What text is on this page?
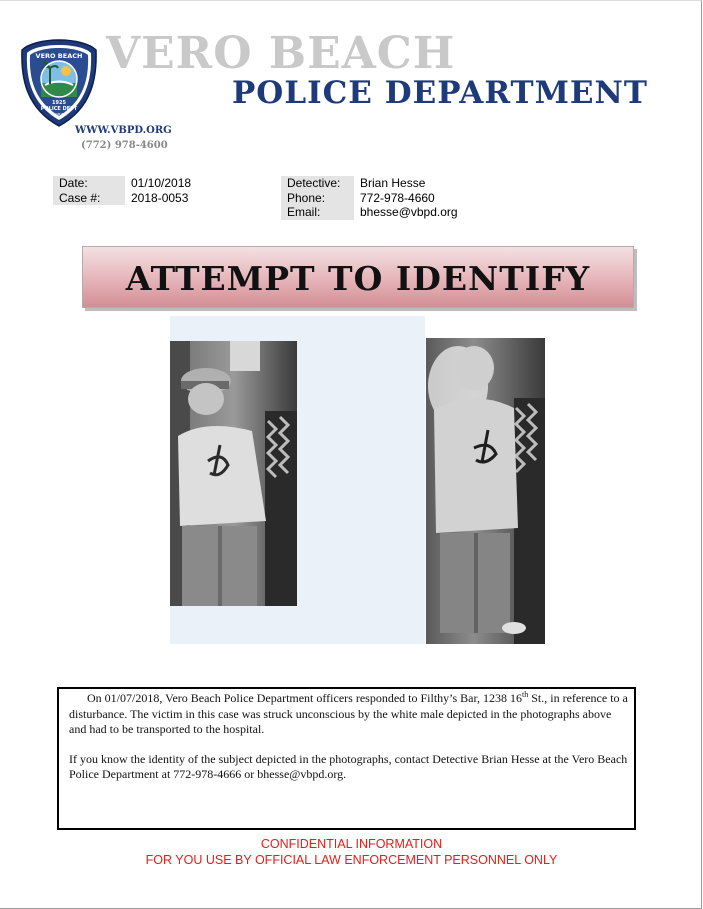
VERO BEACH
1925
POLICE DEPT
FLORIDA
VERO BEACH
POLICE DEPARTMENT
WWW.VBPD.ORG
(772) 978-4600
Date:	01/10/2018
Case #:	2018-0053
Detective:	Brian Hesse
Phone:	772-978-4660
Email:	bhesse@vbpd.org
ATTEMPT TO IDENTIFY

On 01/07/2018, Vero Beach Police Department officers responded to Filthy’s Bar, 1238 16th St., in reference to a disturbance. The victim in this case was struck unconscious by the white male depicted in the photographs above and had to be transported to the hospital.

If you know the identity of the subject depicted in the photographs, contact Detective Brian Hesse at the Vero Beach Police Department at 772-978-4666 or bhesse@vbpd.org.

CONFIDENTIAL INFORMATION
FOR YOU USE BY OFFICIAL LAW ENFORCEMENT PERSONNEL ONLY
